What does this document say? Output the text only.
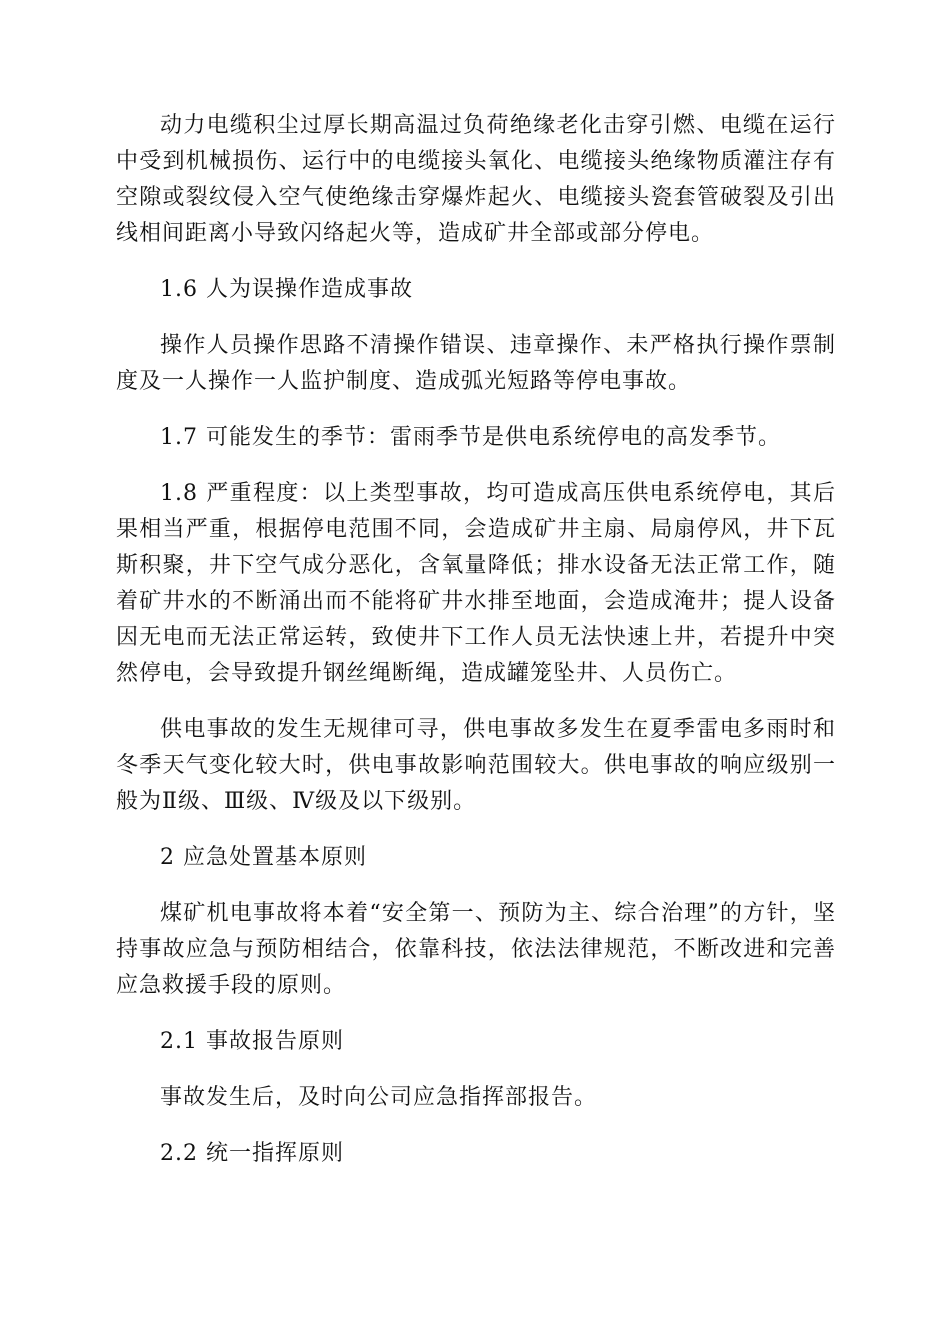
动力电缆积尘过厚长期高温过负荷绝缘老化击穿引燃、电缆在运行中受到机械损伤、运行中的电缆接头氧化、电缆接头绝缘物质灌注存有空隙或裂纹侵入空气使绝缘击穿爆炸起火、电缆接头瓷套管破裂及引出线相间距离小导致闪络起火等，造成矿井全部或部分停电。

1.6 人为误操作造成事故

操作人员操作思路不清操作错误、违章操作、未严格执行操作票制度及一人操作一人监护制度、造成弧光短路等停电事故。

1.7 可能发生的季节：雷雨季节是供电系统停电的高发季节。

1.8 严重程度：以上类型事故，均可造成高压供电系统停电，其后果相当严重，根据停电范围不同，会造成矿井主扇、局扇停风，井下瓦斯积聚，井下空气成分恶化，含氧量降低；排水设备无法正常工作，随着矿井水的不断涌出而不能将矿井水排至地面，会造成淹井；提人设备因无电而无法正常运转，致使井下工作人员无法快速上井，若提升中突然停电，会导致提升钢丝绳断绳，造成罐笼坠井、人员伤亡。

供电事故的发生无规律可寻，供电事故多发生在夏季雷电多雨时和冬季天气变化较大时，供电事故影响范围较大。供电事故的响应级别一般为Ⅱ级、Ⅲ级、Ⅳ级及以下级别。

2 应急处置基本原则

煤矿机电事故将本着“安全第一、预防为主、综合治理”的方针，坚持事故应急与预防相结合，依靠科技，依法法律规范，不断改进和完善应急救援手段的原则。

2.1 事故报告原则

事故发生后，及时向公司应急指挥部报告。

2.2 统一指挥原则
